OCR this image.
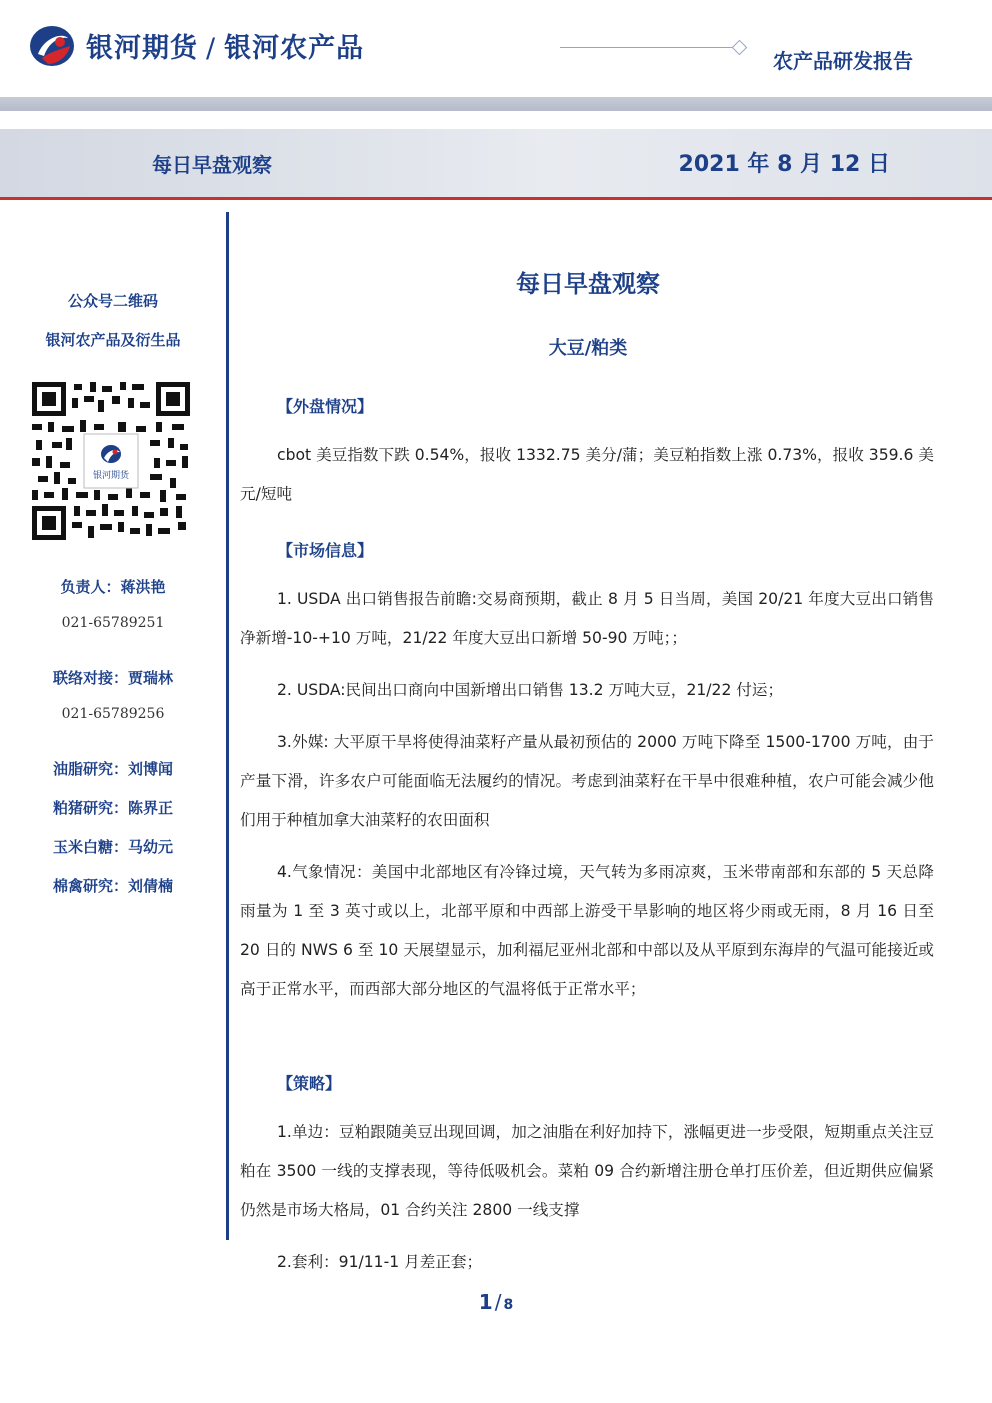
银河期货 / 银河农产品	农产品研发报告
每日早盘观察	2021 年 8 月 12 日
公众号二维码
银河农产品及衍生品
银河期货
负责人：蒋洪艳
021-65789251
联络对接：贾瑞林
021-65789256
油脂研究：刘博闻
粕猪研究：陈界正
玉米白糖：马幼元
棉禽研究：刘倩楠
每日早盘观察
大豆/粕类
【外盘情况】
cbot 美豆指数下跌 0.54%，报收 1332.75 美分/蒲；美豆粕指数上涨 0.73%，报收 359.6 美元/短吨
【市场信息】
1. USDA 出口销售报告前瞻:交易商预期，截止 8 月 5 日当周，美国 20/21 年度大豆出口销售净新增-10-+10 万吨，21/22 年度大豆出口新增 50-90 万吨；；
2. USDA:民间出口商向中国新增出口销售 13.2 万吨大豆，21/22 付运；
3.外媒: 大平原干旱将使得油菜籽产量从最初预估的 2000 万吨下降至 1500-1700 万吨，由于产量下滑，许多农户可能面临无法履约的情况。考虑到油菜籽在干旱中很难种植，农户可能会减少他们用于种植加拿大油菜籽的农田面积
4.气象情况：美国中北部地区有冷锋过境，天气转为多雨凉爽，玉米带南部和东部的 5 天总降雨量为 1 至 3 英寸或以上，北部平原和中西部上游受干旱影响的地区将少雨或无雨，8 月 16 日至 20 日的 NWS 6 至 10 天展望显示，加利福尼亚州北部和中部以及从平原到东海岸的气温可能接近或高于正常水平，而西部大部分地区的气温将低于正常水平；
【策略】
1.单边：豆粕跟随美豆出现回调，加之油脂在利好加持下，涨幅更进一步受限，短期重点关注豆粕在 3500 一线的支撑表现，等待低吸机会。菜粕 09 合约新增注册仓单打压价差，但近期供应偏紧仍然是市场大格局，01 合约关注 2800 一线支撑
2.套利：91/11-1 月差正套；
1 / 8
